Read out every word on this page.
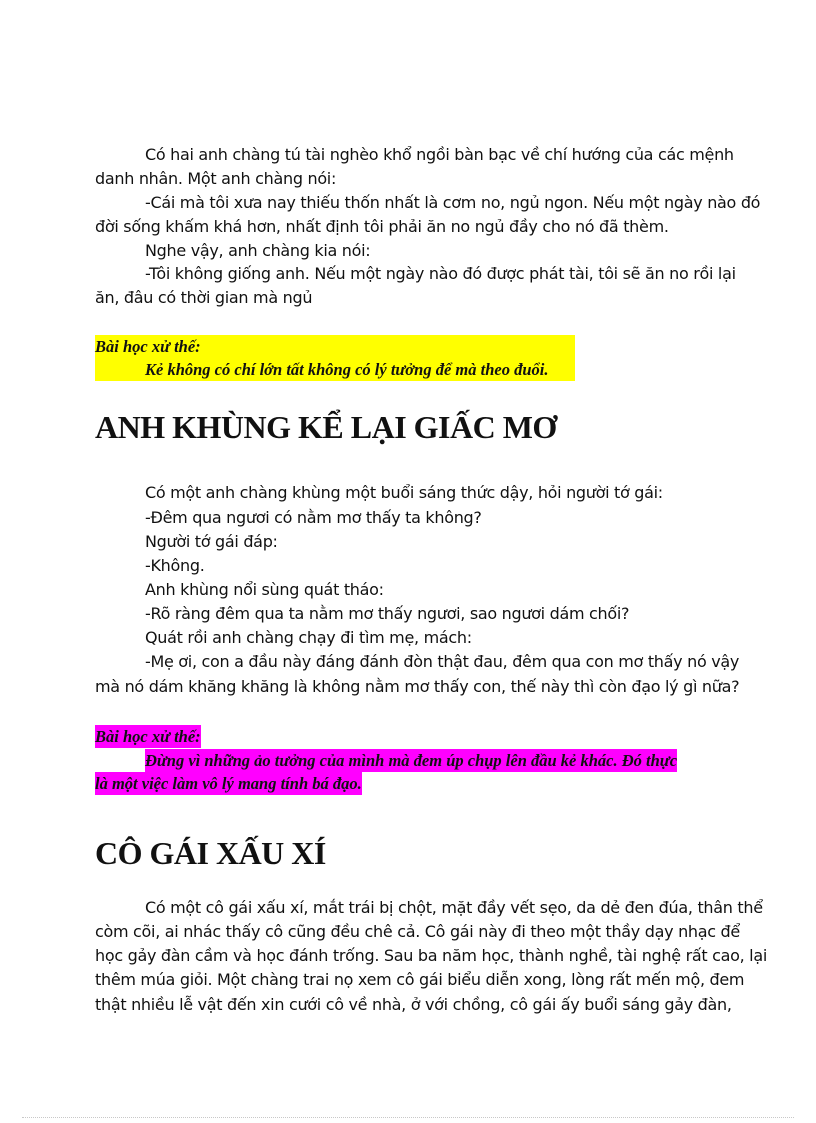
Có hai anh chàng tú tài nghèo khổ ngồi bàn bạc về chí hướng của các mệnh
danh nhân. Một anh chàng nói:
-Cái mà tôi xưa nay thiếu thốn nhất là cơm no, ngủ ngon. Nếu một ngày nào đó
đời sống khấm khá hơn, nhất định tôi phải ăn no ngủ đầy cho nó đã thèm.
Nghe vậy, anh chàng kia nói:
-Tôi không giống anh. Nếu một ngày nào đó được phát tài, tôi sẽ ăn no rồi lại
ăn, đâu có thời gian mà ngủ
Bài học xử thế:
Kẻ không có chí lớn tất không có lý tưởng để mà theo đuổi.
ANH KHÙNG KỂ LẠI GIẤC MƠ
Có một anh chàng khùng một buổi sáng thức dậy, hỏi người tớ gái:
-Đêm qua ngươi có nằm mơ thấy ta không?
Người tớ gái đáp:
-Không.
Anh khùng nổi sùng quát tháo:
-Rõ ràng đêm qua ta nằm mơ thấy ngươi, sao ngươi dám chối?
Quát rồi anh chàng chạy đi tìm mẹ, mách:
-Mẹ ơi, con a đầu này đáng đánh đòn thật đau, đêm qua con mơ thấy nó vậy
mà nó dám khăng khăng là không nằm mơ thấy con, thế này thì còn đạo lý gì nữa?
Bài học xử thế:
Đừng vì những ảo tưởng của mình mà đem úp chụp lên đầu kẻ khác. Đó thực
là một việc làm vô lý mang tính bá đạo.
CÔ GÁI XẤU XÍ
Có một cô gái xấu xí, mắt trái bị chột, mặt đầy vết sẹo, da dẻ đen đúa, thân thể
còm cõi, ai nhác thấy cô cũng đều chê cả. Cô gái này đi theo một thầy dạy nhạc để
học gảy đàn cầm và học đánh trống. Sau ba năm học, thành nghề, tài nghệ rất cao, lại
thêm múa giỏi. Một chàng trai nọ xem cô gái biểu diễn xong, lòng rất mến mộ, đem
thật nhiều lễ vật đến xin cưới cô về nhà, ở với chồng, cô gái ấy buổi sáng gảy đàn,
